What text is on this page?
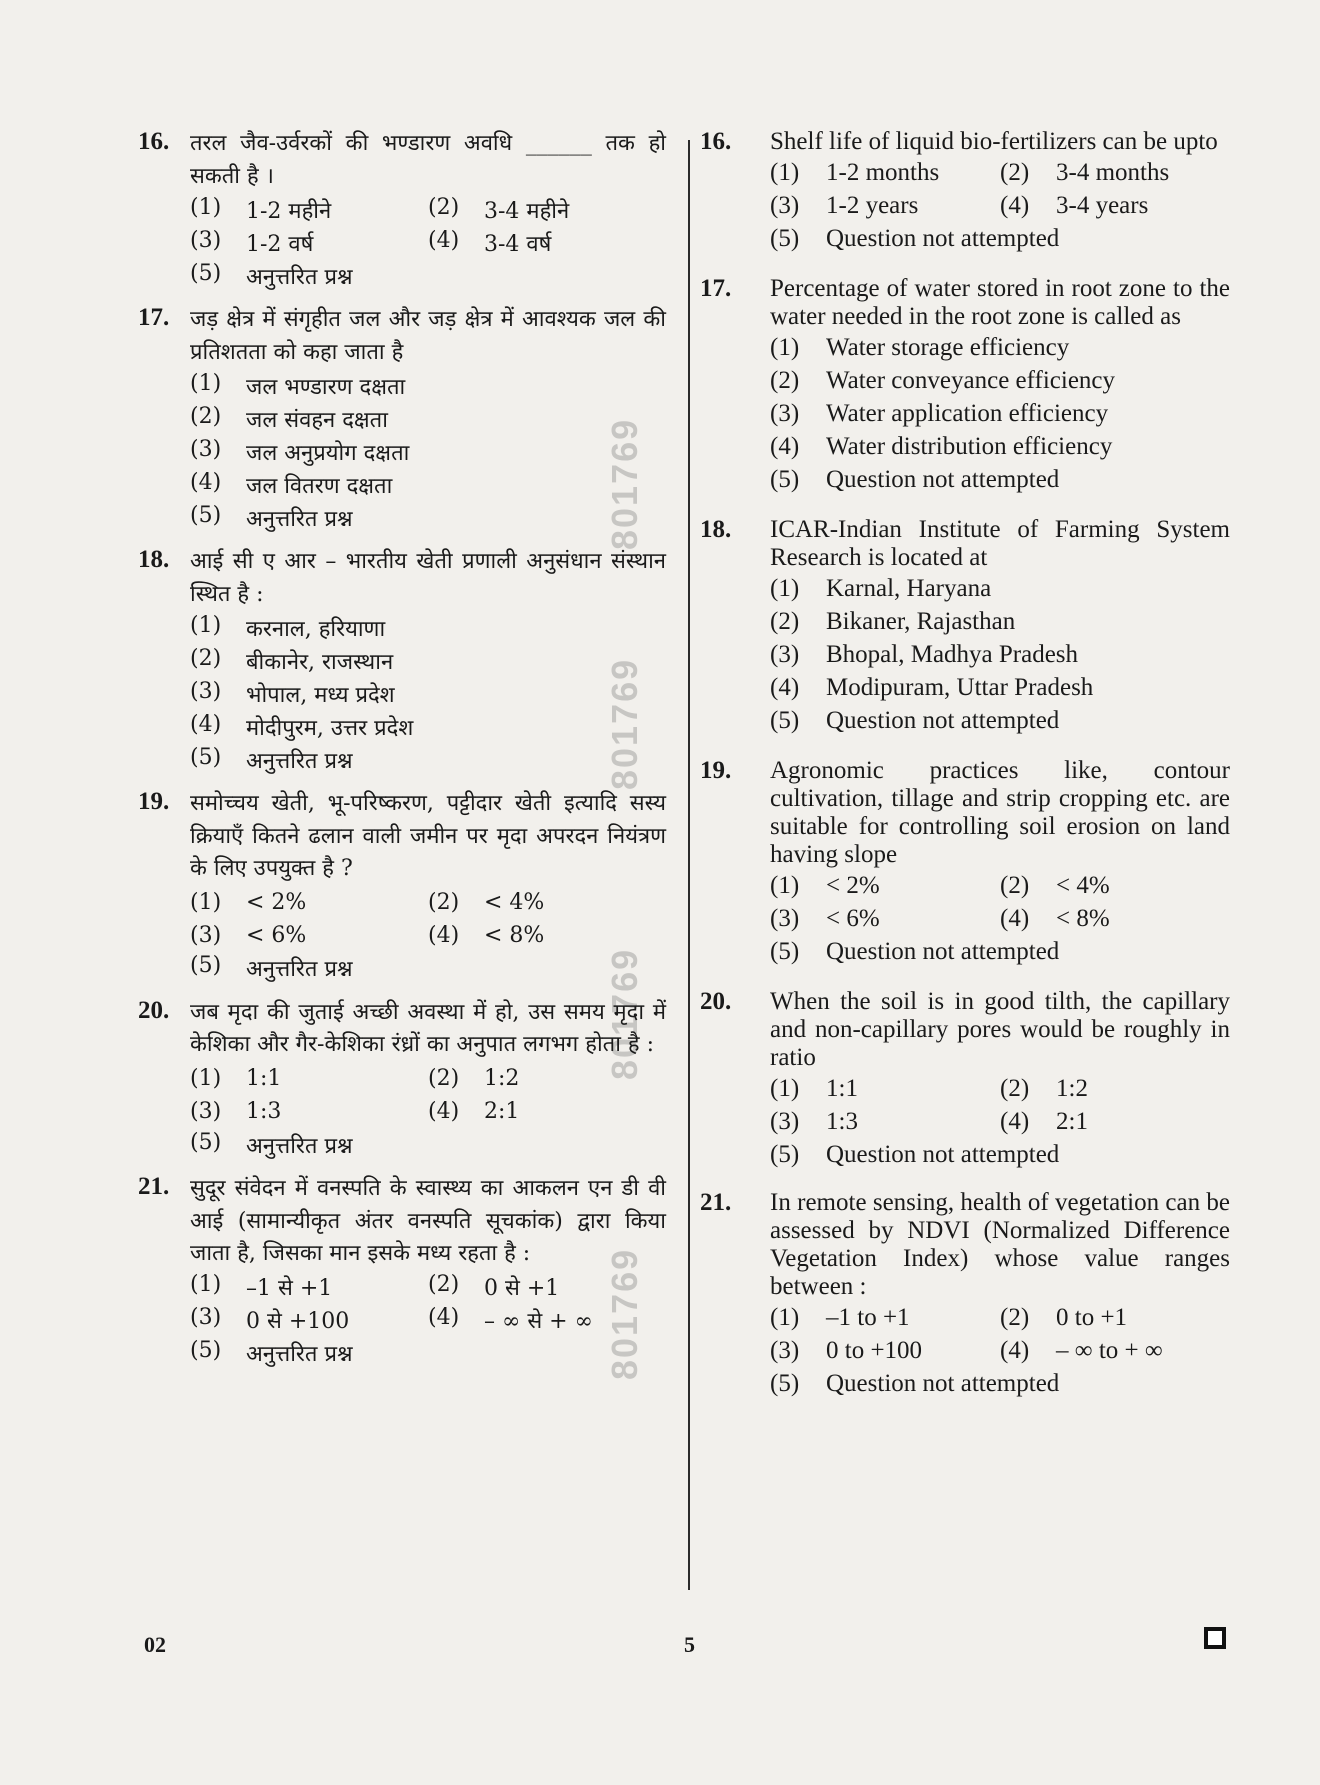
801769
801769
801769
801769
16. तरल जैव-उर्वरकों की भण्डारण अवधि ______ तक हो सकती है ।
(1)	1-2 महीने	(2)	3-4 महीने
(3)	1-2 वर्ष	(4)	3-4 वर्ष
(5)	अनुत्तरित प्रश्न
17. जड़ क्षेत्र में संगृहीत जल और जड़ क्षेत्र में आवश्यक जल की प्रतिशतता को कहा जाता है
(1)	जल भण्डारण दक्षता
(2)	जल संवहन दक्षता
(3)	जल अनुप्रयोग दक्षता
(4)	जल वितरण दक्षता
(5)	अनुत्तरित प्रश्न
18. आई सी ए आर – भारतीय खेती प्रणाली अनुसंधान संस्थान स्थित है :
(1)	करनाल, हरियाणा
(2)	बीकानेर, राजस्थान
(3)	भोपाल, मध्य प्रदेश
(4)	मोदीपुरम, उत्तर प्रदेश
(5)	अनुत्तरित प्रश्न
19. समोच्चय खेती, भू-परिष्करण, पट्टीदार खेती इत्यादि सस्य क्रियाएँ कितने ढलान वाली जमीन पर मृदा अपरदन नियंत्रण के लिए उपयुक्त है ?
(1)	< 2%	(2)	< 4%
(3)	< 6%	(4)	< 8%
(5)	अनुत्तरित प्रश्न
20. जब मृदा की जुताई अच्छी अवस्था में हो, उस समय मृदा में केशिका और गैर-केशिका रंध्रों का अनुपात लगभग होता है :
(1)	1:1	(2)	1:2
(3)	1:3	(4)	2:1
(5)	अनुत्तरित प्रश्न
21. सुदूर संवेदन में वनस्पति के स्वास्थ्य का आकलन एन डी वी आई (सामान्यीकृत अंतर वनस्पति सूचकांक) द्वारा किया जाता है, जिसका मान इसके मध्य रहता है :
(1)	–1 से +1	(2)	0 से +1
(3)	0 से +100	(4)	– ∞ से + ∞
(5)	अनुत्तरित प्रश्न
16. Shelf life of liquid bio-fertilizers can be upto
(1)	1-2 months (2)	3-4 months
(3)	1-2 years	(4)	3-4 years
(5)	Question not attempted
17. Percentage of water stored in root zone to the water needed in the root zone is called as
(1)	Water storage efficiency
(2)	Water conveyance efficiency
(3)	Water application efficiency
(4)	Water distribution efficiency
(5)	Question not attempted
18. ICAR-Indian Institute of Farming System Research is located at
(1)	Karnal, Haryana
(2)	Bikaner, Rajasthan
(3)	Bhopal, Madhya Pradesh
(4)	Modipuram, Uttar Pradesh
(5)	Question not attempted
19. Agronomic practices like, contour cultivation, tillage and strip cropping etc. are suitable for controlling soil erosion on land having slope
(1)	< 2%	(2)	< 4%
(3)	< 6%	(4)	< 8%
(5)	Question not attempted
20. When the soil is in good tilth, the capillary and non-capillary pores would be roughly in ratio
(1)	1:1	(2)	1:2
(3)	1:3	(4)	2:1
(5)	Question not attempted
21. In remote sensing, health of vegetation can be assessed by NDVI (Normalized Difference Vegetation Index) whose value ranges between :
(1)	–1 to +1	(2)	0 to +1
(3)	0 to +100	(4)	– ∞ to + ∞
(5)	Question not attempted
02	5
